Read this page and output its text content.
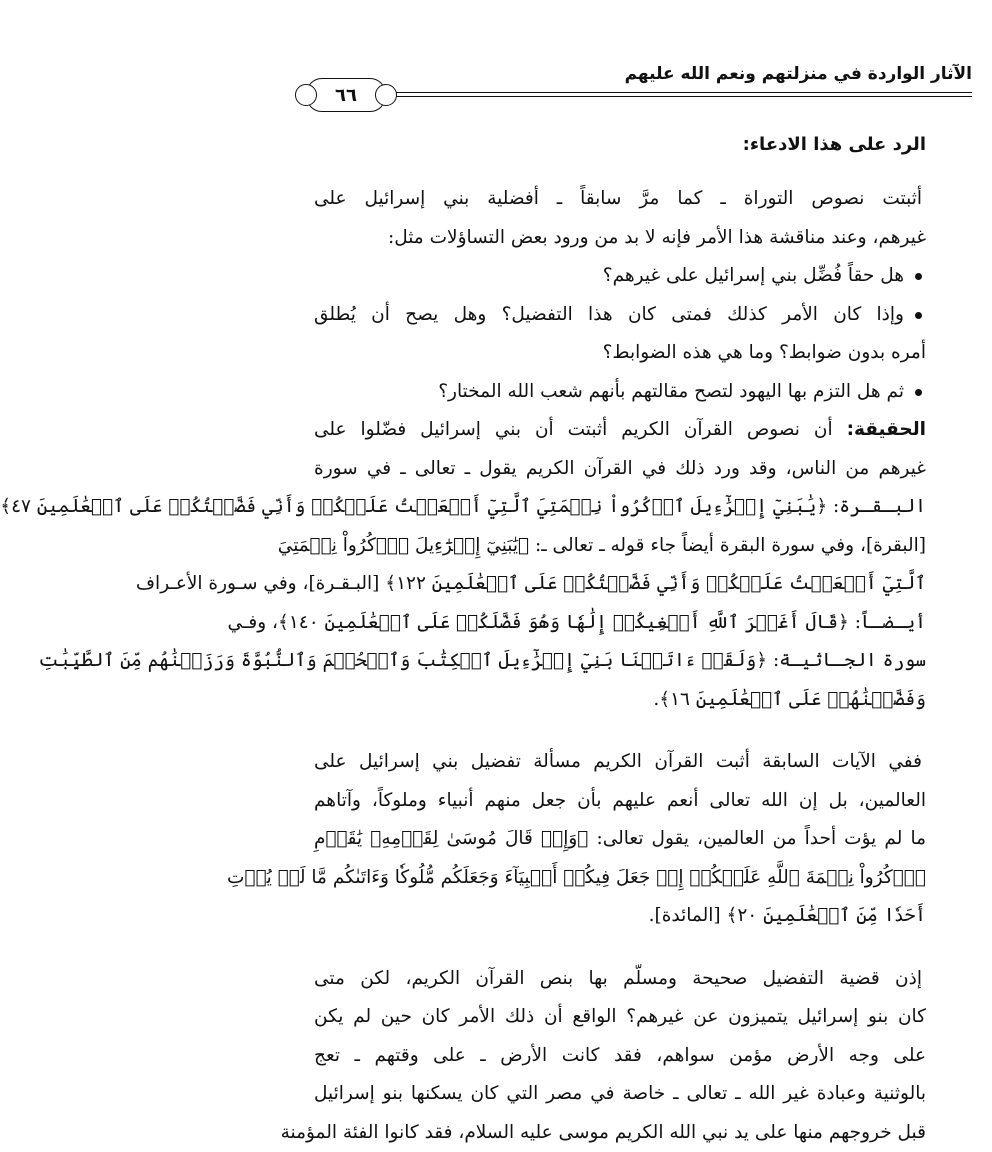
الآثار الواردة في منزلتهم ونعم الله عليهم
٦٦
الرد على هذا الادعاء:
أثبتت نصوص التوراة ـ كما مرَّ سابقاً ـ أفضلية بني إسرائيل على
غيرهم، وعند مناقشة هذا الأمر فإنه لا بد من ورود بعض التساؤلات مثل:
هل حقاً فُضِّل بني إسرائيل على غيرهم؟
وإذا كان الأمر كذلك فمتى كان هذا التفضيل؟ وهل يصح أن يُطلق
أمره بدون ضوابط؟ وما هي هذه الضوابط؟
ثم هل التزم بها اليهود لتصح مقالتهم بأنهم شعب الله المختار؟
الحقيقة: أن نصوص القرآن الكريم أثبتت أن بني إسرائيل فضّلوا على
غيرهم من الناس، وقد ورد ذلك في القرآن الكريم يقول ـ تعالى ـ في سورة
البـقـرة: ﴿يَٰبَنِيٓ إِسۡرَٰٓءِيلَ ٱذۡكُرُواْ نِعۡمَتِيَ ٱلَّتِيٓ أَنۡعَمۡتُ عَلَيۡكُمۡ وَأَنِّي فَضَّلۡتُكُمۡ عَلَى ٱلۡعَٰلَمِينَ ٤٧﴾
[البقرة]، وفي سورة البقرة أيضاً جاء قوله ـ تعالى ـ: ﴿يَٰبَنِيٓ إِسۡرَٰٓءِيلَ ٱذۡكُرُواْ نِعۡمَتِيَ
ٱلَّتِيٓ أَنۡعَمۡتُ عَلَيۡكُمۡ وَأَنِّي فَضَّلۡتُكُمۡ عَلَى ٱلۡعَٰلَمِينَ ١٢٢﴾ [البـقـرة]، وفي سـورة الأعـراف
أيـضـاً: ﴿قَالَ أَغَيۡرَ ٱللَّهِ أَبۡغِيكُمۡ إِلَٰهٗا وَهُوَ فَضَّلَكُمۡ عَلَى ٱلۡعَٰلَمِينَ ١٤٠﴾، وفـي
سورة الجـاثيـة: ﴿وَلَقَدۡ ءَاتَيۡنَا بَنِيٓ إِسۡرَٰٓءِيلَ ٱلۡكِتَٰبَ وَٱلۡحُكۡمَ وَٱلنُّبُوَّةَ وَرَزَقۡنَٰهُم مِّنَ ٱلطَّيِّبَٰتِ
وَفَضَّلۡنَٰهُمۡ عَلَى ٱلۡعَٰلَمِينَ ١٦﴾.
ففي الآيات السابقة أثبت القرآن الكريم مسألة تفضيل بني إسرائيل على
العالمين، بل إن الله تعالى أنعم عليهم بأن جعل منهم أنبياء وملوكاً، وآتاهم
ما لم يؤت أحداً من العالمين، يقول تعالى: ﴿وَإِذۡ قَالَ مُوسَىٰ لِقَوۡمِهِۦ يَٰقَوۡمِ
ٱذۡكُرُواْ نِعۡمَةَ ٱللَّهِ عَلَيۡكُمۡ إِذۡ جَعَلَ فِيكُمۡ أَنۢبِيَآءَ وَجَعَلَكُم مُّلُوكٗا وَءَاتَىٰكُم مَّا لَمۡ يُؤۡتِ
أَحَدٗا مِّنَ ٱلۡعَٰلَمِينَ ٢٠﴾ [المائدة].
إذن قضية التفضيل صحيحة ومسلّم بها بنص القرآن الكريم، لكن متى
كان بنو إسرائيل يتميزون عن غيرهم؟ الواقع أن ذلك الأمر كان حين لم يكن
على وجه الأرض مؤمن سواهم، فقد كانت الأرض ـ على وقتهم ـ تعج
بالوثنية وعبادة غير الله ـ تعالى ـ خاصة في مصر التي كان يسكنها بنو إسرائيل
قبل خروجهم منها على يد نبي الله الكريم موسى عليه السلام، فقد كانوا الفئة المؤمنة
